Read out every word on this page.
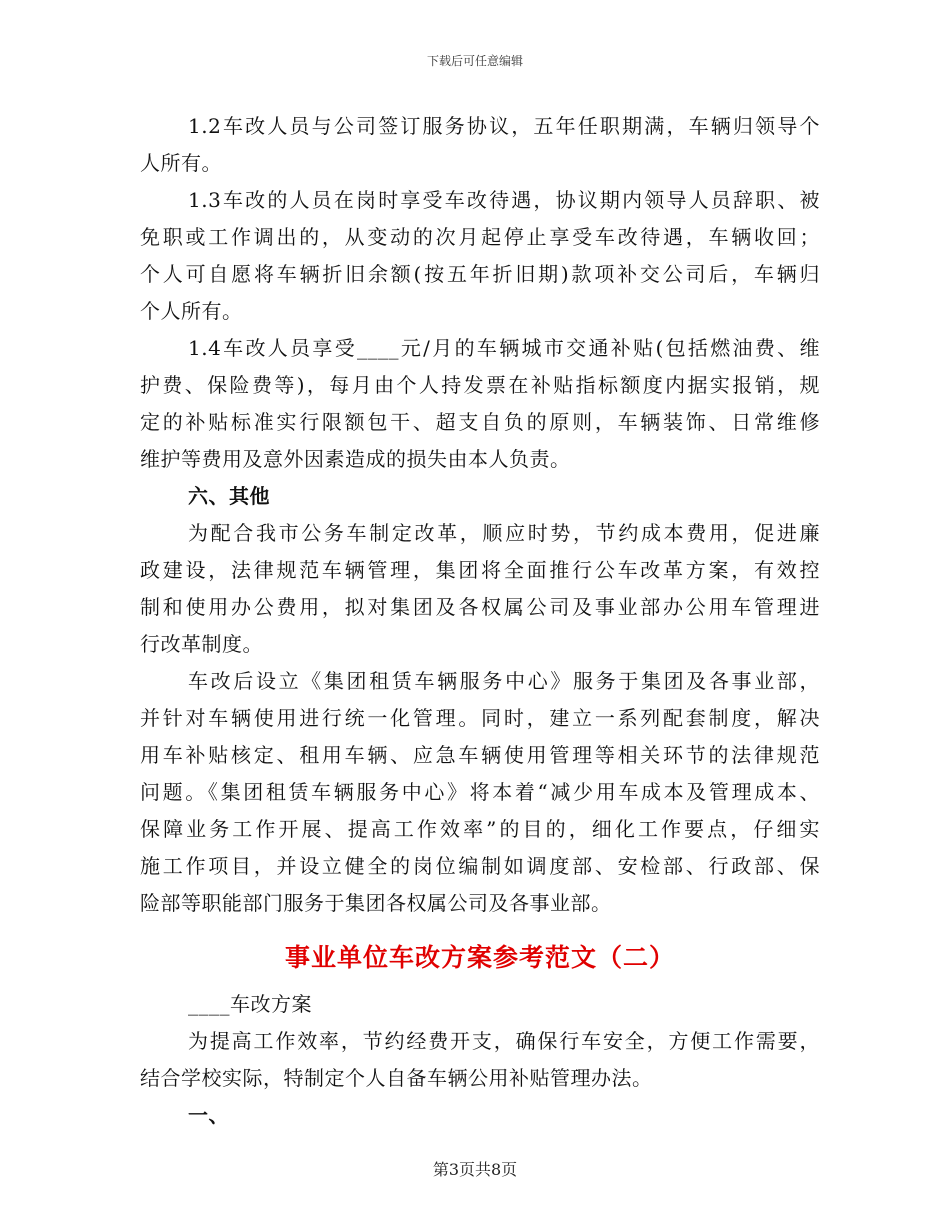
下载后可任意编辑
1.2车改人员与公司签订服务协议，五年任职期满，车辆归领导个
人所有。
1.3车改的人员在岗时享受车改待遇，协议期内领导人员辞职、被
免职或工作调出的，从变动的次月起停止享受车改待遇，车辆收回；
个人可自愿将车辆折旧余额(按五年折旧期)款项补交公司后，车辆归
个人所有。
1.4车改人员享受____元/月的车辆城市交通补贴(包括燃油费、维
护费、保险费等)，每月由个人持发票在补贴指标额度内据实报销，规
定的补贴标准实行限额包干、超支自负的原则，车辆装饰、日常维修
维护等费用及意外因素造成的损失由本人负责。
六、其他
为配合我市公务车制定改革，顺应时势，节约成本费用，促进廉
政建设，法律规范车辆管理，集团将全面推行公车改革方案，有效控
制和使用办公费用，拟对集团及各权属公司及事业部办公用车管理进
行改革制度。
车改后设立《集团租赁车辆服务中心》服务于集团及各事业部，
并针对车辆使用进行统一化管理。同时，建立一系列配套制度，解决
用车补贴核定、租用车辆、应急车辆使用管理等相关环节的法律规范
问题。《集团租赁车辆服务中心》将本着“减少用车成本及管理成本、
保障业务工作开展、提高工作效率”的目的，细化工作要点，仔细实
施工作项目，并设立健全的岗位编制如调度部、安检部、行政部、保
险部等职能部门服务于集团各权属公司及各事业部。
事业单位车改方案参考范文（二）
____车改方案
为提高工作效率，节约经费开支，确保行车安全，方便工作需要，
结合学校实际，特制定个人自备车辆公用补贴管理办法。
一、
第3页共8页
